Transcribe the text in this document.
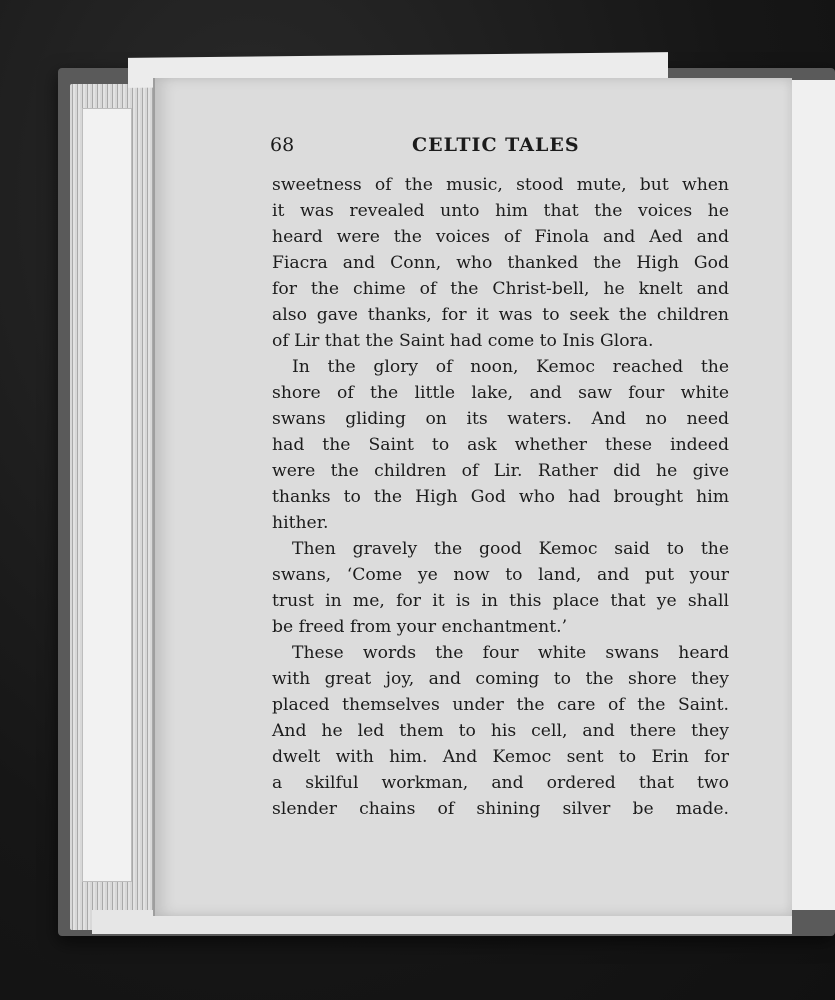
68	CELTIC TALES
sweetness of the music, stood mute, but when
it was revealed unto him that the voices he
heard were the voices of Finola and Aed and
Fiacra and Conn, who thanked the High God
for the chime of the Christ-bell, he knelt and
also gave thanks, for it was to seek the children
of Lir that the Saint had come to Inis Glora.
In the glory of noon, Kemoc reached the
shore of the little lake, and saw four white
swans gliding on its waters. And no need
had the Saint to ask whether these indeed
were the children of Lir. Rather did he give
thanks to the High God who had brought him
hither.
Then gravely the good Kemoc said to the
swans, ‘Come ye now to land, and put your
trust in me, for it is in this place that ye shall
be freed from your enchantment.’
These words the four white swans heard
with great joy, and coming to the shore they
placed themselves under the care of the Saint.
And he led them to his cell, and there they
dwelt with him. And Kemoc sent to Erin for
a skilful workman, and ordered that two
slender chains of shining silver be made.
